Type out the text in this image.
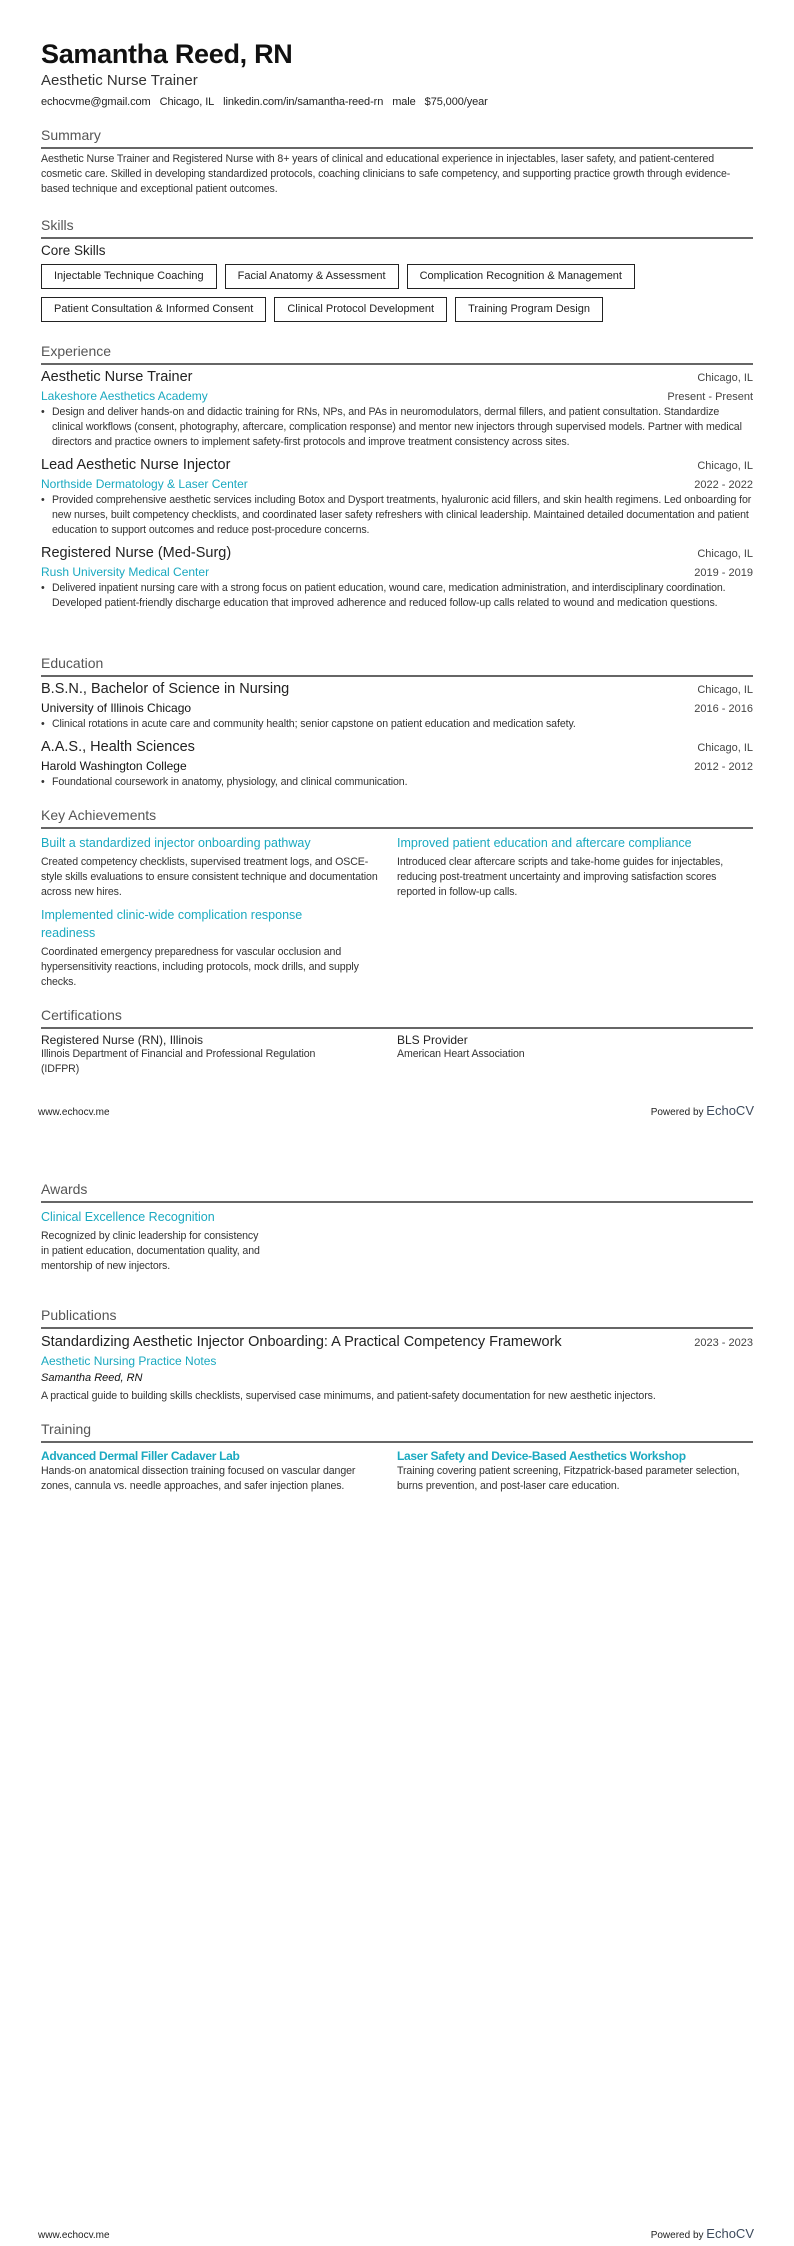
Samantha Reed, RN
Aesthetic Nurse Trainer
echocvme@gmail.com Chicago, IL linkedin.com/in/samantha-reed-rn male $75,000/year
Summary
Aesthetic Nurse Trainer and Registered Nurse with 8+ years of clinical and educational experience in injectables, laser safety, and patient-centered cosmetic care. Skilled in developing standardized protocols, coaching clinicians to safe competency, and supporting practice growth through evidence-based technique and exceptional patient outcomes.
Skills
Core Skills
Injectable Technique Coaching	Facial Anatomy & Assessment	Complication Recognition & Management
Patient Consultation & Informed Consent	Clinical Protocol Development	Training Program Design
Experience
Aesthetic Nurse Trainer	Chicago, IL
Lakeshore Aesthetics Academy	Present - Present
• Design and deliver hands-on and didactic training for RNs, NPs, and PAs in neuromodulators, dermal fillers, and patient consultation. Standardize clinical workflows (consent, photography, aftercare, complication response) and mentor new injectors through supervised models. Partner with medical directors and practice owners to implement safety-first protocols and improve treatment consistency across sites.
Lead Aesthetic Nurse Injector	Chicago, IL
Northside Dermatology & Laser Center	2022 - 2022
• Provided comprehensive aesthetic services including Botox and Dysport treatments, hyaluronic acid fillers, and skin health regimens. Led onboarding for new nurses, built competency checklists, and coordinated laser safety refreshers with clinical leadership. Maintained detailed documentation and patient education to support outcomes and reduce post-procedure concerns.
Registered Nurse (Med-Surg)	Chicago, IL
Rush University Medical Center	2019 - 2019
• Delivered inpatient nursing care with a strong focus on patient education, wound care, medication administration, and interdisciplinary coordination. Developed patient-friendly discharge education that improved adherence and reduced follow-up calls related to wound and medication questions.
Education
B.S.N., Bachelor of Science in Nursing	Chicago, IL
University of Illinois Chicago	2016 - 2016
• Clinical rotations in acute care and community health; senior capstone on patient education and medication safety.
A.A.S., Health Sciences	Chicago, IL
Harold Washington College	2012 - 2012
• Foundational coursework in anatomy, physiology, and clinical communication.
Key Achievements
Built a standardized injector onboarding pathway
Created competency checklists, supervised treatment logs, and OSCE-style skills evaluations to ensure consistent technique and documentation across new hires.
Improved patient education and aftercare compliance
Introduced clear aftercare scripts and take-home guides for injectables, reducing post-treatment uncertainty and improving satisfaction scores reported in follow-up calls.
Implemented clinic-wide complication response readiness
Coordinated emergency preparedness for vascular occlusion and hypersensitivity reactions, including protocols, mock drills, and supply checks.
Certifications
Registered Nurse (RN), Illinois
Illinois Department of Financial and Professional Regulation (IDFPR)
BLS Provider
American Heart Association
www.echocv.me	Powered by EchoCV
Awards
Clinical Excellence Recognition
Recognized by clinic leadership for consistency in patient education, documentation quality, and mentorship of new injectors.
Publications
Standardizing Aesthetic Injector Onboarding: A Practical Competency Framework	2023 - 2023
Aesthetic Nursing Practice Notes
Samantha Reed, RN
A practical guide to building skills checklists, supervised case minimums, and patient-safety documentation for new aesthetic injectors.
Training
Advanced Dermal Filler Cadaver Lab
Hands-on anatomical dissection training focused on vascular danger zones, cannula vs. needle approaches, and safer injection planes.
Laser Safety and Device-Based Aesthetics Workshop
Training covering patient screening, Fitzpatrick-based parameter selection, burns prevention, and post-laser care education.
www.echocv.me	Powered by EchoCV
